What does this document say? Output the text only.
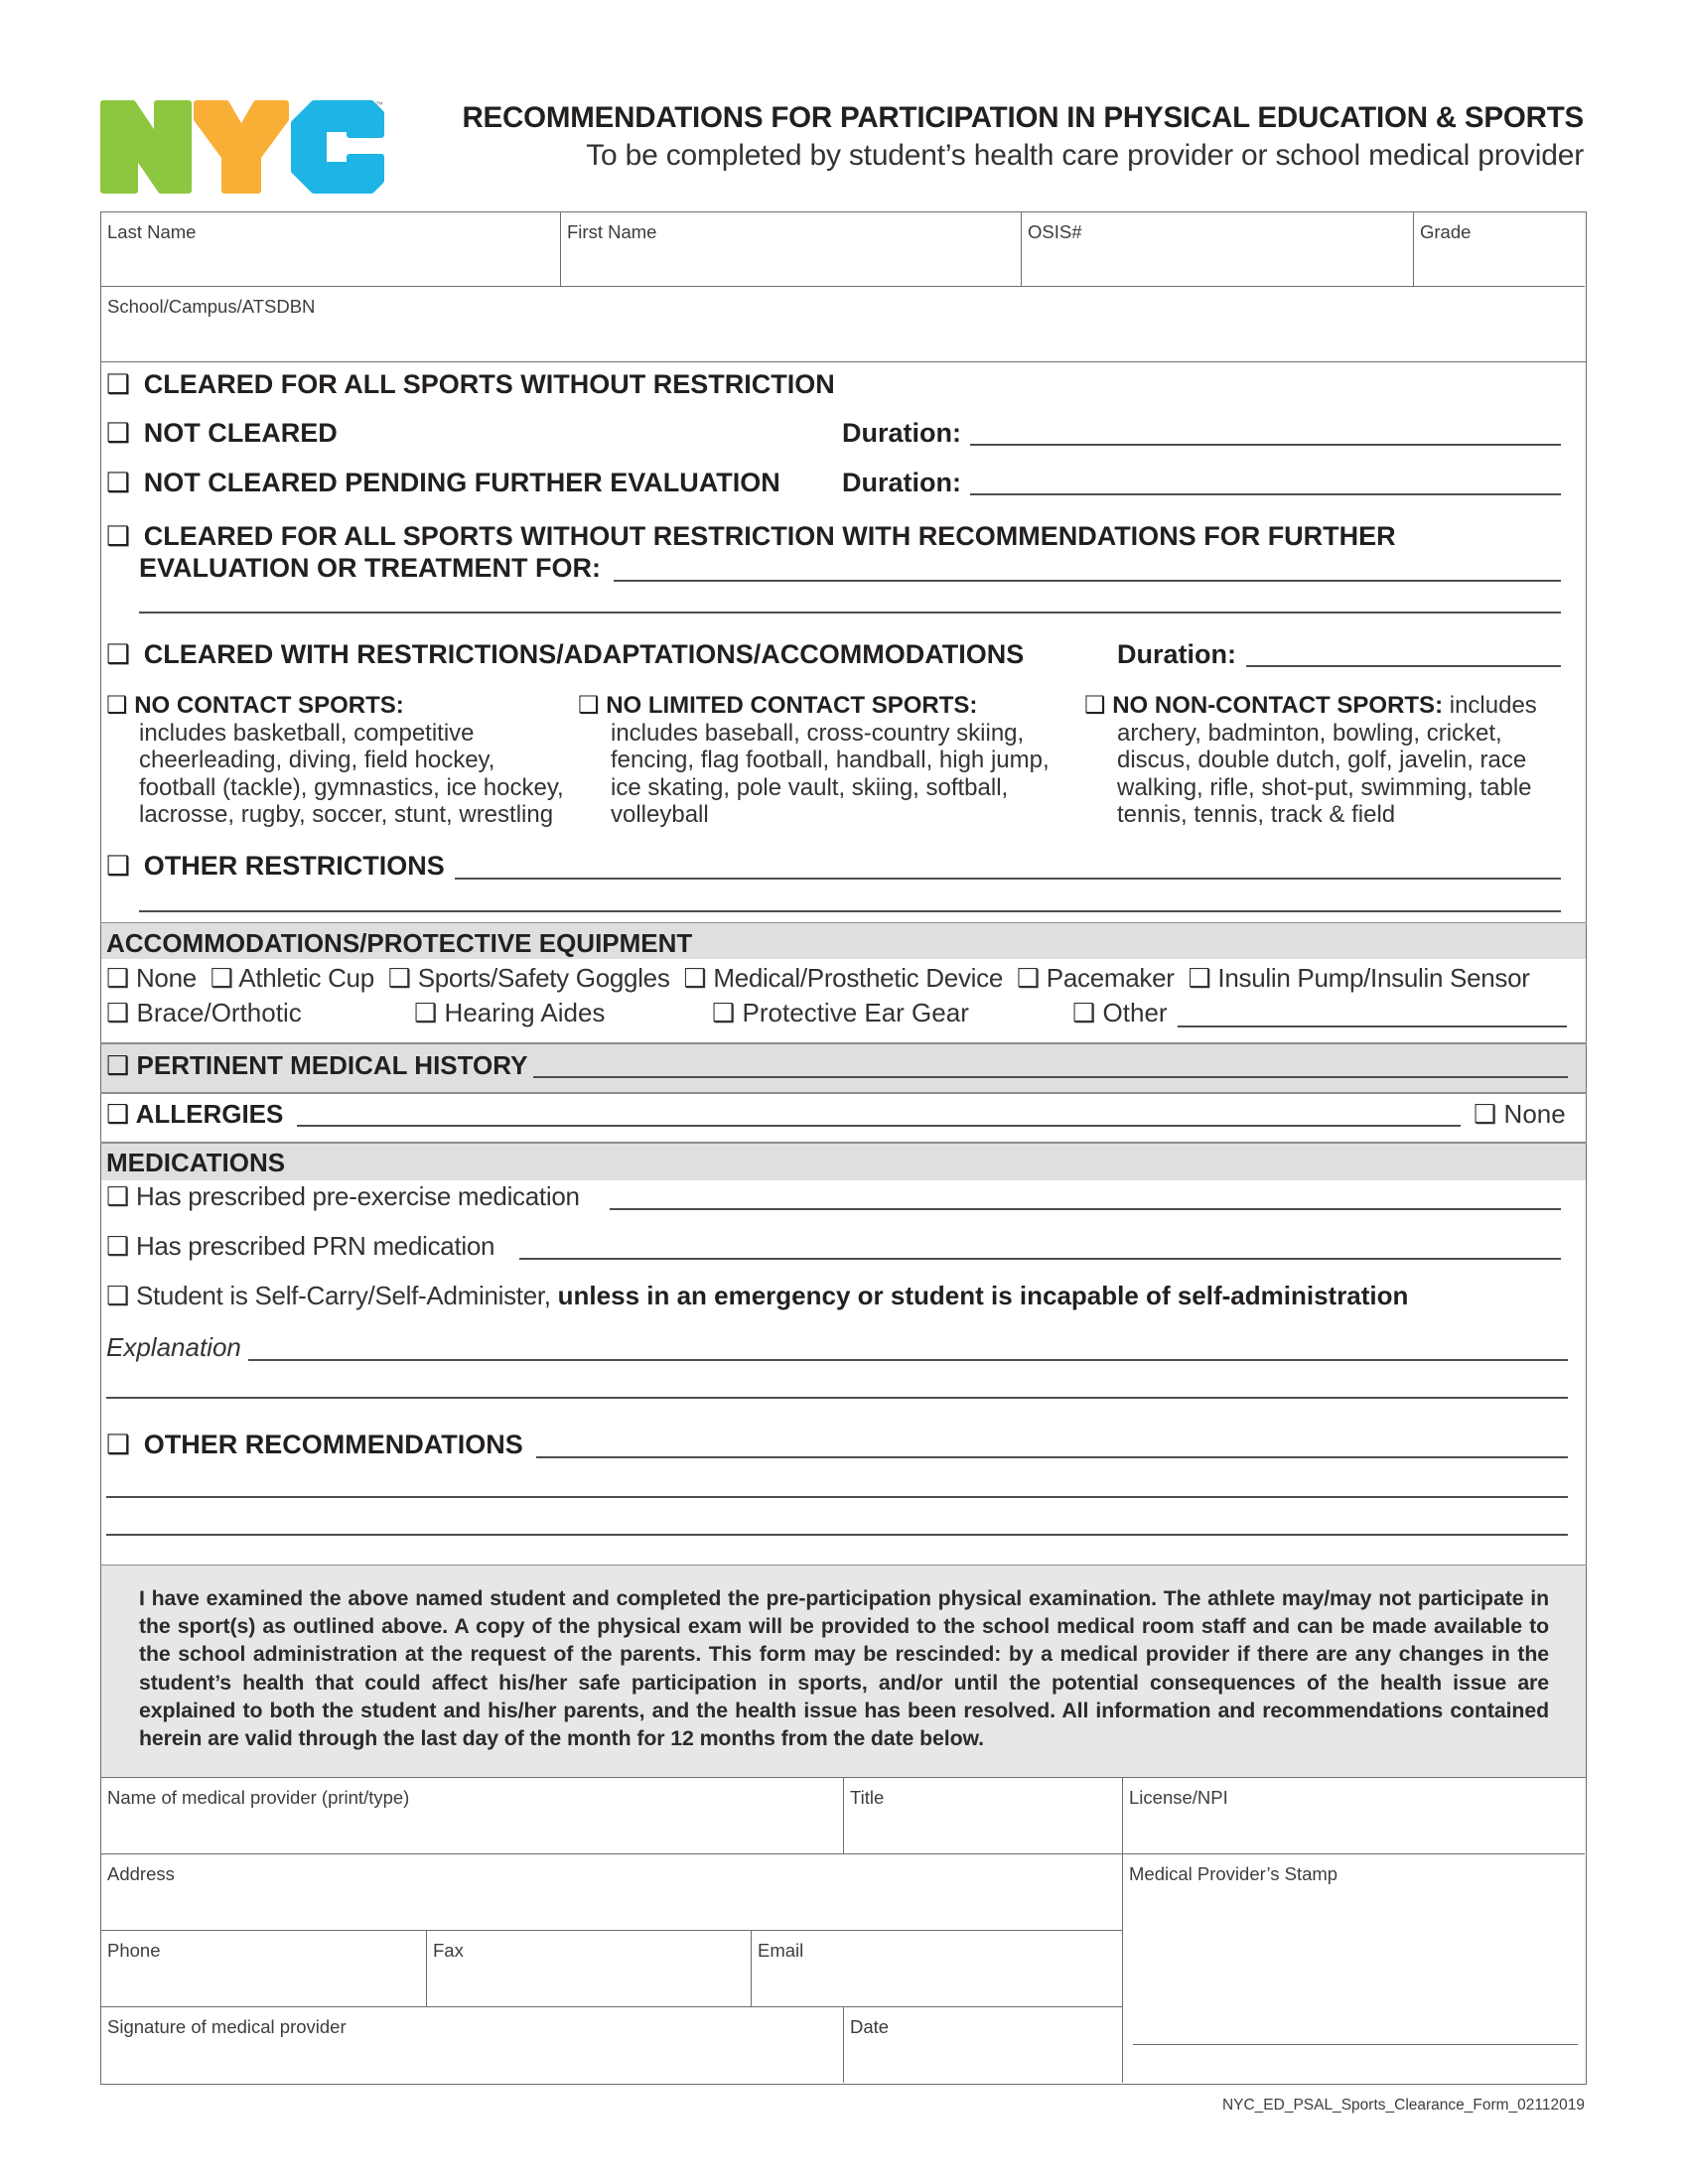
™	RECOMMENDATIONS FOR PARTICIPATION IN PHYSICAL EDUCATION & SPORTS
To be completed by student’s health care provider or school medical provider
Last Name	First Name	OSIS#	Grade
School/Campus/ATSDBN
❑ CLEARED FOR ALL SPORTS WITHOUT RESTRICTION
❑ NOT CLEARED	Duration:
❑ NOT CLEARED PENDING FURTHER EVALUATION Duration:
❑ CLEARED FOR ALL SPORTS WITHOUT RESTRICTION WITH RECOMMENDATIONS FOR FURTHER
EVALUATION OR TREATMENT FOR:
❑ CLEARED WITH RESTRICTIONS/ADAPTATIONS/ACCOMMODATIONS	Duration:
❑ NO CONTACT SPORTS:
includes basketball, competitive
cheerleading, diving, field hockey,
football (tackle), gymnastics, ice hockey,
lacrosse, rugby, soccer, stunt, wrestling
❑ NO LIMITED CONTACT SPORTS:
includes baseball, cross-country skiing,
fencing, flag football, handball, high jump,
ice skating, pole vault, skiing, softball,
volleyball
❑ NO NON-CONTACT SPORTS: includes
archery, badminton, bowling, cricket,
discus, double dutch, golf, javelin, race
walking, rifle, shot-put, swimming, table
tennis, tennis, track & field
❑ OTHER RESTRICTIONS
ACCOMMODATIONS/PROTECTIVE EQUIPMENT
❑ None ❑ Athletic Cup ❑ Sports/Safety Goggles ❑ Medical/Prosthetic Device ❑ Pacemaker ❑ Insulin Pump/Insulin Sensor
❑ Brace/Orthotic	❑ Hearing Aides	❑ Protective Ear Gear	❑ Other
❑ PERTINENT MEDICAL HISTORY
❑ ALLERGIES	❑ None
MEDICATIONS
❑ Has prescribed pre-exercise medication
❑ Has prescribed PRN medication
❑ Student is Self-Carry/Self-Administer, unless in an emergency or student is incapable of self-administration
Explanation
❑ OTHER RECOMMENDATIONS

I have examined the above named student and completed the pre-participation physical examination. The athlete may/may not participate in the sport(s) as outlined above. A copy of the physical exam will be provided to the school medical room staff and can be made available to the school administration at the request of the parents. This form may be rescinded: by a medical provider if there are any changes in the student’s health that could affect his/her safe participation in sports, and/or until the potential consequences of the health issue are explained to both the student and his/her parents, and the health issue has been resolved. All information and recommendations contained herein are valid through the last day of the month for 12 months from the date below.

Name of medical provider (print/type)	Title	License/NPI
Address	Medical Provider’s Stamp
Phone	Fax	Email
Signature of medical provider	Date
NYC_ED_PSAL_Sports_Clearance_Form_02112019
